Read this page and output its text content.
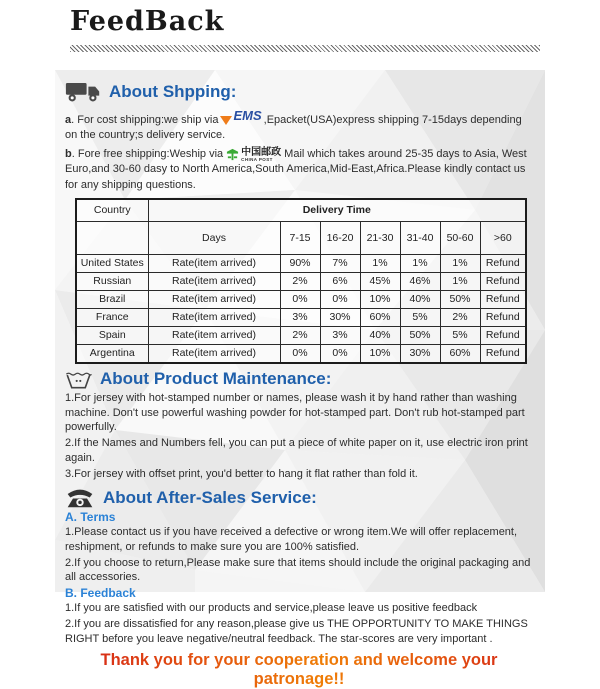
FeedBack
About Shpping:

a. For cost shipping:we ship via EMS ,Epacket(USA)express shipping 7-15days depending on the country;s delivery service.

b. Fore free shipping:Weship via 中国邮政
CHINA POST	Mail which takes around 25-35 days to Asia, West Euro,and 30-60 dasy to North America,South America,Mid-East,Africa.Please kindly contact us for any shipping questions.

Country	Delivery Time						
	Days	7-15	16-20	21-30	31-40	50-60	>60
United States	Rate(item arrived)	90%	7%	1%	1%	1%	Refund
Russian	Rate(item arrived)	2%	6%	45%	46%	1%	Refund
Brazil	Rate(item arrived)	0%	0%	10%	40%	50%	Refund
France	Rate(item arrived)	3%	30%	60%	5%	2%	Refund
Spain	Rate(item arrived)	2%	3%	40%	50%	5%	Refund
Argentina	Rate(item arrived)	0%	0%	10%	30%	60%	Refund
About Product Maintenance:
1.For jersey with hot-stamped number or names, please wash it by hand rather than washing machine. Don't use powerful washing powder for hot-stamped part. Don't rub hot-stamped part powerfully.
2.If the Names and Numbers fell, you can put a piece of white paper on it, use electric iron print again.
3.For jersey with offset print, you'd better to hang it flat rather than fold it.
About After-Sales Service:
A. Terms
1.Please contact us if you have received a defective or wrong item.We will offer replacement, reshipment, or refunds to make sure you are 100% satisfied.
2.If you choose to return,Please make sure that items should include the original packaging and all accessories.
B. Feedback
1.If you are satisfied with our products and service,please leave us positive feedback
2.If you are dissatisfied for any reason,please give us THE OPPORTUNITY TO MAKE THINGS RIGHT before you leave negative/neutral feedback. The star-scores are very important .
Thank you for your cooperation and welcome your patronage!!
